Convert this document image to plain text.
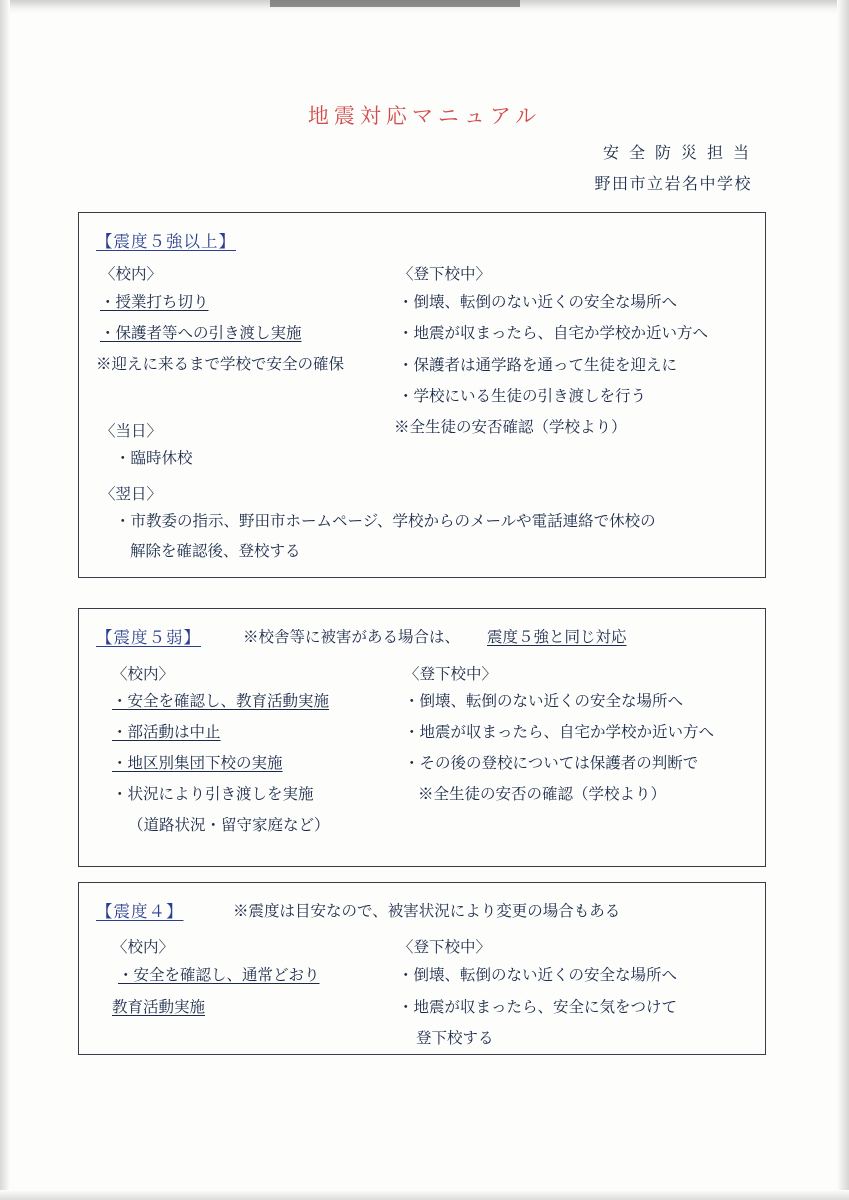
地震対応マニュアル
安 全 防 災 担 当
野田市立岩名中学校
【震度５強以上】
〈校内〉	〈登下校中〉
・授業打ち切り
・保護者等への引き渡し実施
※迎えに来るまで学校で安全の確保
・倒壊、転倒のない近くの安全な場所へ
・地震が収まったら、自宅か学校か近い方へ
・保護者は通学路を通って生徒を迎えに
・学校にいる生徒の引き渡しを行う
※全生徒の安否確認（学校より）
〈当日〉
・臨時休校
〈翌日〉
・市教委の指示、野田市ホームページ、学校からのメールや電話連絡で休校の
解除を確認後、登校する
【震度５弱】	※校舎等に被害がある場合は、 震度５強と同じ対応
〈校内〉	〈登下校中〉
・安全を確認し、教育活動実施
・部活動は中止
・地区別集団下校の実施
・状況により引き渡しを実施
（道路状況・留守家庭など）
・倒壊、転倒のない近くの安全な場所へ
・地震が収まったら、自宅か学校か近い方へ
・その後の登校については保護者の判断で
※全生徒の安否の確認（学校より）
【震度４】	※震度は目安なので、被害状況により変更の場合もある
〈校内〉	〈登下校中〉
・安全を確認し、通常どおり
教育活動実施
・倒壊、転倒のない近くの安全な場所へ
・地震が収まったら、安全に気をつけて
登下校する
